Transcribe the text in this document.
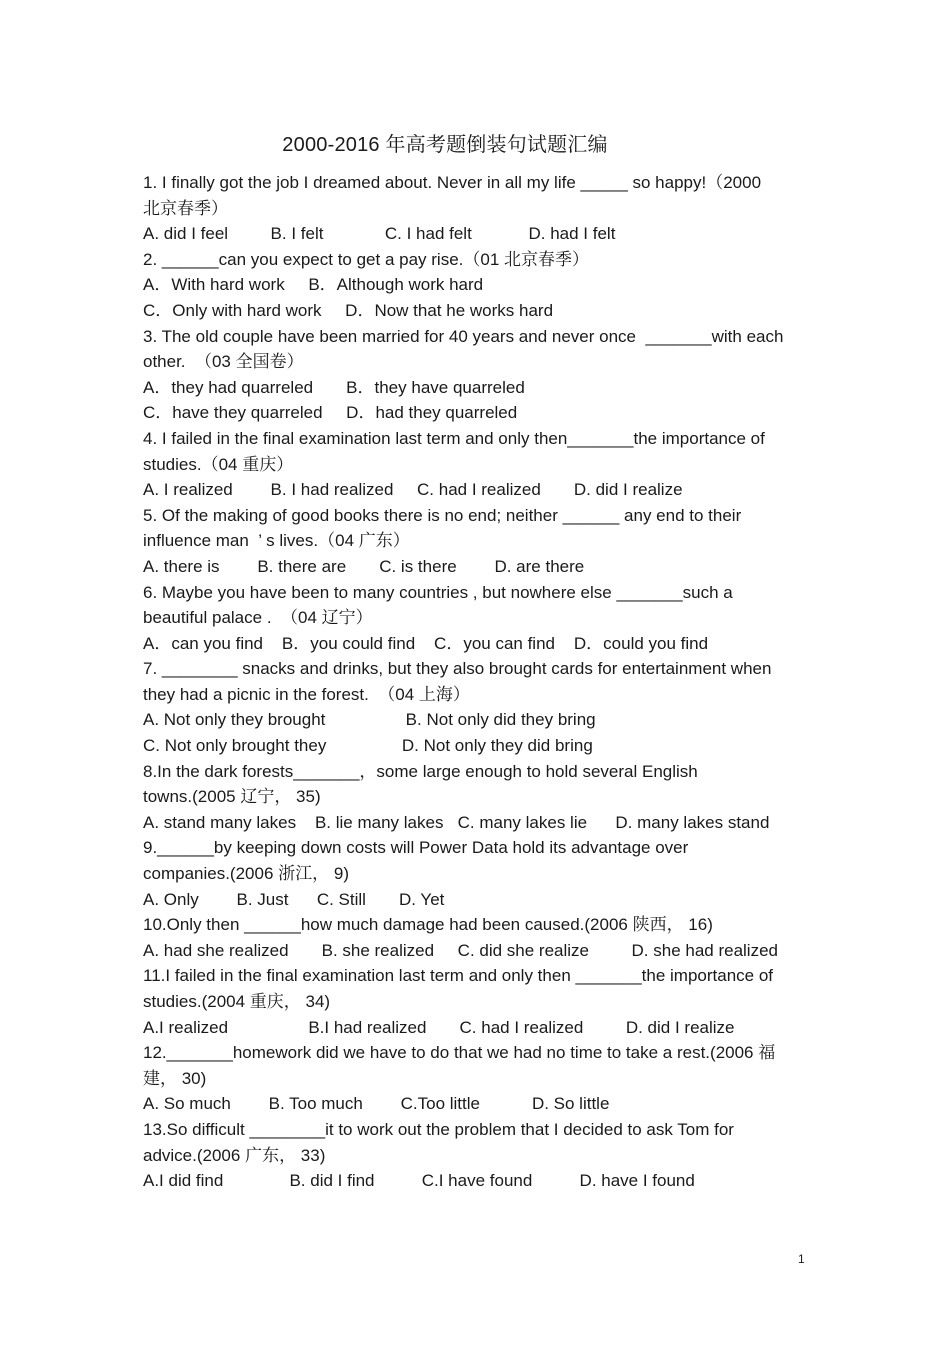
2000-2016 年高考题倒装句试题汇编
1. I finally got the job I dreamed about. Never in all my life _____ so happy!（2000
北京春季）
A. did I feel         B. I felt             C. I had felt            D. had I felt
2. ______can you expect to get a pay rise.（01 北京春季）
A．With hard work     B．Although work hard
C．Only with hard work     D．Now that he works hard
3. The old couple have been married for 40 years and never once  _______with each
other.  （03 全国卷）
A．they had quarreled       B．they have quarreled
C．have they quarreled     D．had they quarreled
4. I failed in the final examination last term and only then_______the importance of
studies.（04 重庆）
A. I realized        B. I had realized     C. had I realized       D. did I realize
5. Of the making of good books there is no end; neither ______ any end to their
influence man  ’ s lives.（04 广东）
A. there is        B. there are       C. is there        D. are there
6. Maybe you have been to many countries , but nowhere else _______such a
beautiful palace .  （04 辽宁）
A．can you find    B．you could find    C．you can find    D．could you find
7. ________ snacks and drinks, but they also brought cards for entertainment when
they had a picnic in the forest.  （04 上海）
A. Not only they brought                 B. Not only did they bring
C. Not only brought they                D. Not only they did bring
8.In the dark forests_______，some large enough to hold several English
towns.(2005 辽宁， 35)
A. stand many lakes    B. lie many lakes   C. many lakes lie      D. many lakes stand
9.______by keeping down costs will Power Data hold its advantage over
companies.(2006 浙江， 9)
A. Only        B. Just      C. Still       D. Yet
10.Only then ______how much damage had been caused.(2006 陕西， 16)
A. had she realized       B. she realized     C. did she realize         D. she had realized
11.I failed in the final examination last term and only then _______the importance of
studies.(2004 重庆， 34)
A.I realized                 B.I had realized       C. had I realized         D. did I realize
12._______homework did we have to do that we had no time to take a rest.(2006 福
建， 30)
A. So much        B. Too much        C.Too little           D. So little
13.So difficult ________it to work out the problem that I decided to ask Tom for
advice.(2006 广东， 33)
A.I did find              B. did I find          C.I have found          D. have I found
1
